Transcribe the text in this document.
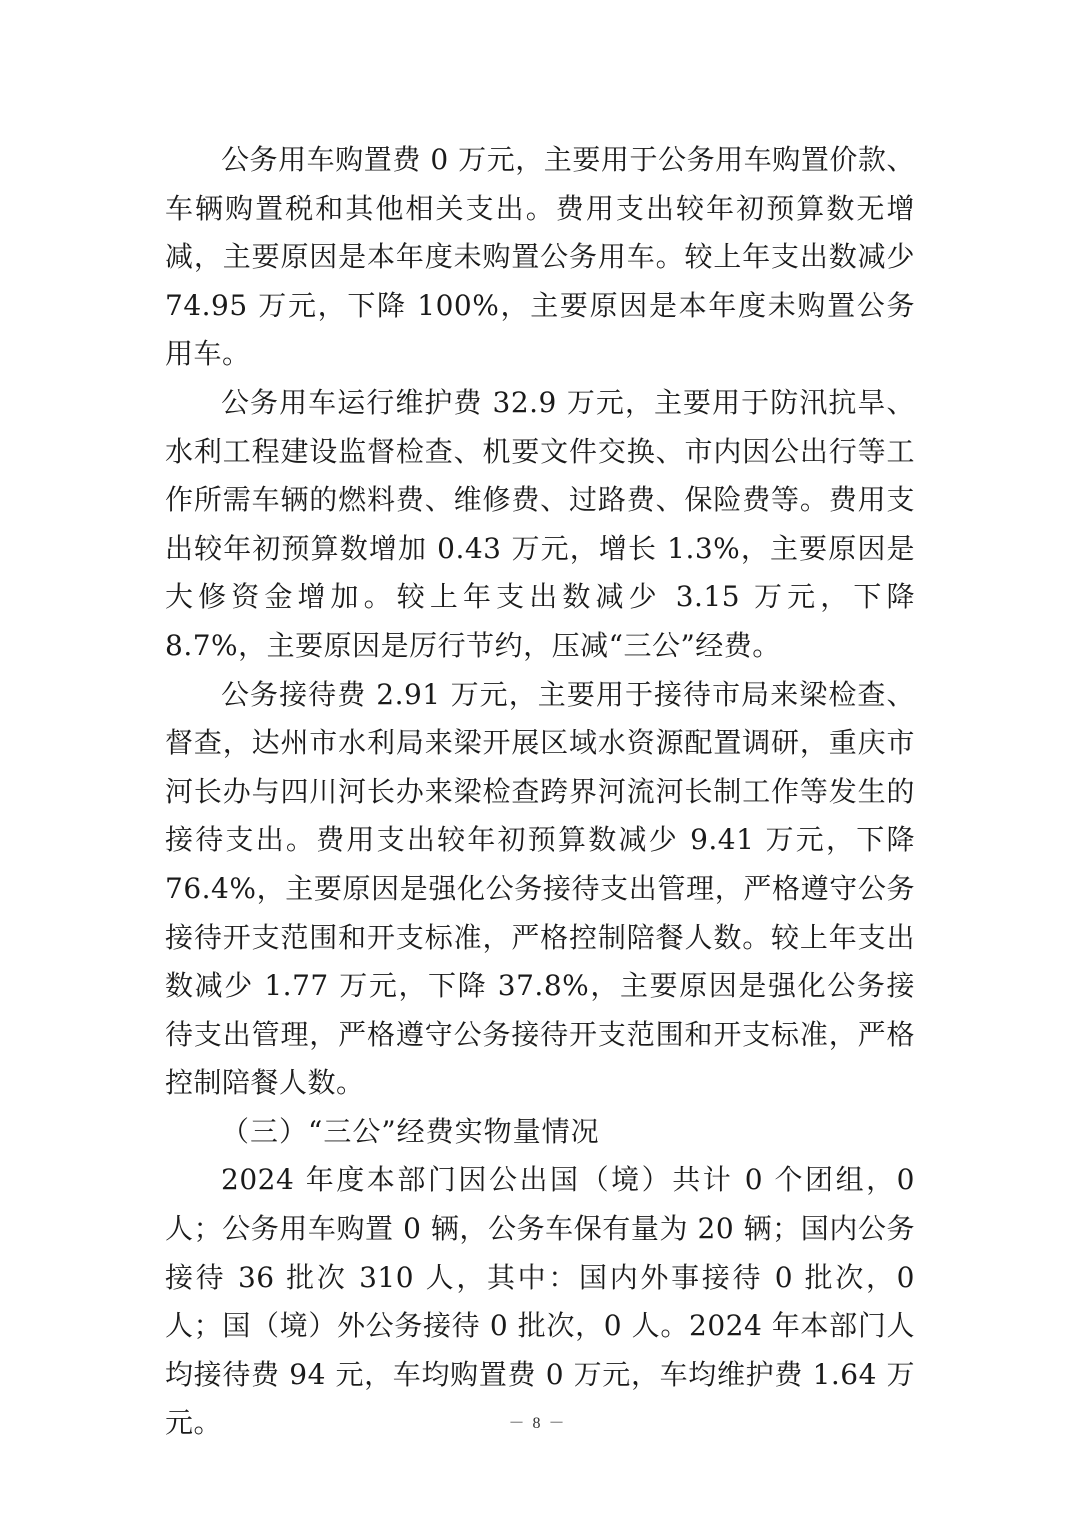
公务用车购置费 0 万元，主要用于公务用车购置价款、车辆购置税和其他相关支出。费用支出较年初预算数无增减，主要原因是本年度未购置公务用车。较上年支出数减少 74.95 万元，下降 100%，主要原因是本年度未购置公务用车。

公务用车运行维护费 32.9 万元，主要用于防汛抗旱、水利工程建设监督检查、机要文件交换、市内因公出行等工作所需车辆的燃料费、维修费、过路费、保险费等。费用支出较年初预算数增加 0.43 万元，增长 1.3%，主要原因是大修资金增加。较上年支出数减少 3.15 万元，下降 8.7%，主要原因是厉行节约，压减“三公”经费。

公务接待费 2.91 万元，主要用于接待市局来梁检查、督查，达州市水利局来梁开展区域水资源配置调研，重庆市河长办与四川河长办来梁检查跨界河流河长制工作等发生的接待支出。费用支出较年初预算数减少 9.41 万元，下降 76.4%，主要原因是强化公务接待支出管理，严格遵守公务接待开支范围和开支标准，严格控制陪餐人数。较上年支出数减少 1.77 万元，下降 37.8%，主要原因是强化公务接待支出管理，严格遵守公务接待开支范围和开支标准，严格控制陪餐人数。

（三）“三公”经费实物量情况

2024 年度本部门因公出国（境）共计 0 个团组，0 人；公务用车购置 0 辆，公务车保有量为 20 辆；国内公务接待 36 批次 310 人，其中：国内外事接待 0 批次，0 人；国（境）外公务接待 0 批次，0 人。2024 年本部门人均接待费 94 元，车均购置费 0 万元，车均维护费 1.64 万元。	－ 8 －
